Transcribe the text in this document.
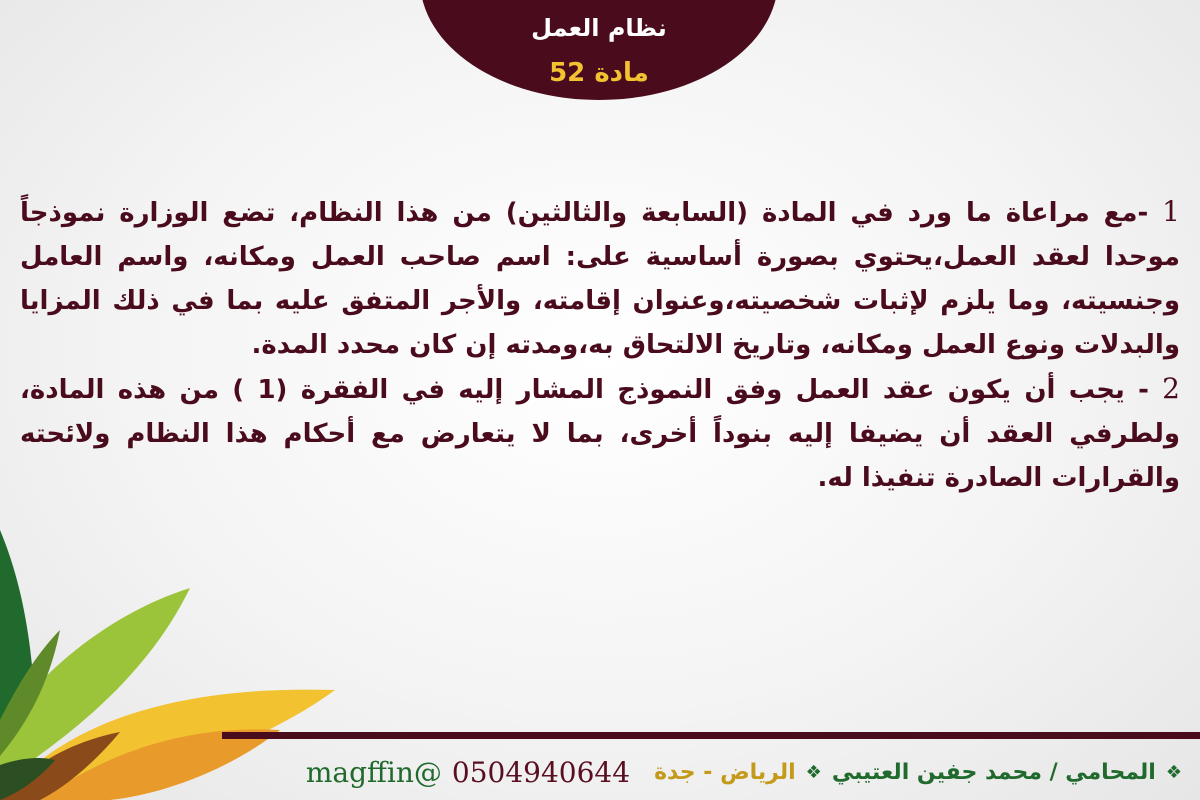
نظام العمل
مادة 52

1 -مع مراعاة ما ورد في المادة (السابعة والثالثين) من هذا النظام، تضع الوزارة نموذجاً موحدا لعقد العمل،يحتوي بصورة أساسية على: اسم صاحب العمل ومكانه، واسم العامل وجنسيته، وما يلزم لإثبات شخصيته،وعنوان إقامته، والأجر المتفق عليه بما في ذلك المزايا والبدلات ونوع العمل ومكانه، وتاريخ الالتحاق به،ومدته إن كان محدد المدة.

2 - يجب أن يكون عقد العمل وفق النموذج المشار إليه في الفقرة (1 ) من هذه المادة، ولطرفي العقد أن يضيفا إليه بنوداً أخرى، بما لا يتعارض مع أحكام هذا النظام ولائحته والقرارات الصادرة تنفيذا له.

❖
المحامي / محمد جفين العتيبي
❖
الرياض - جدة
0504940644
@magffin
